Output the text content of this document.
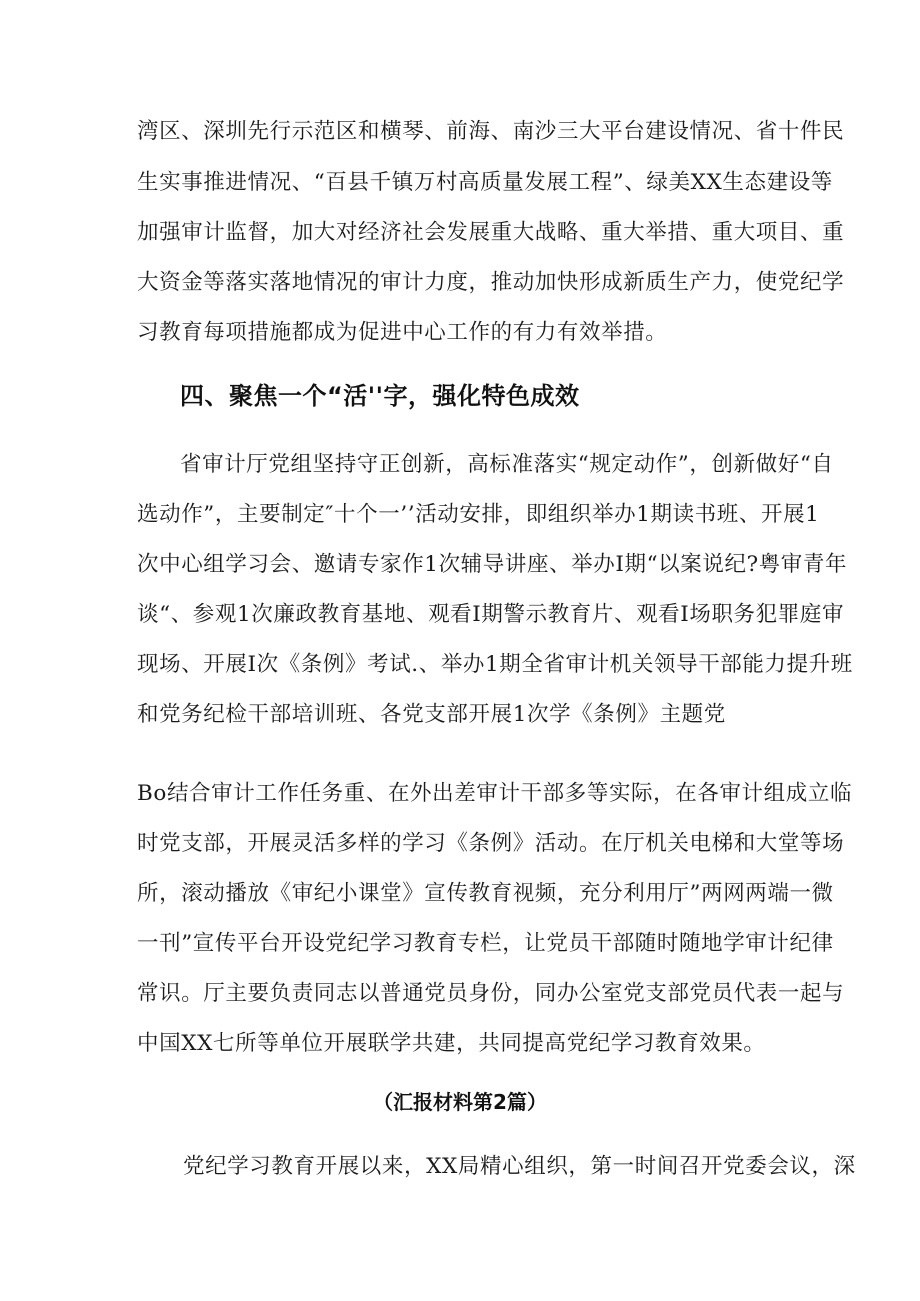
湾区、深圳先行示范区和横琴、前海、南沙三大平台建设情况、省十件民
生实事推进情况、“百县千镇万村高质量发展工程”、绿美XX生态建设等
加强审计监督，加大对经济社会发展重大战略、重大举措、重大项目、重
大资金等落实落地情况的审计力度，推动加快形成新质生产力，使党纪学
习教育每项措施都成为促进中心工作的有力有效举措。
四、聚焦一个“活''字，强化特色成效
省审计厅党组坚持守正创新，高标准落实“规定动作”，创新做好“自
选动作”，主要制定″十个一’’活动安排，即组织举办1期读书班、开展1
次中心组学习会、邀请专家作1次辅导讲座、举办I期“以案说纪?粤审青年
谈“、参观1次廉政教育基地、观看I期警示教育片、观看I场职务犯罪庭审
现场、开展I次《条例》考试.、举办1期全省审计机关领导干部能力提升班
和党务纪检干部培训班、各党支部开展1次学《条例》主题党
Bo结合审计工作任务重、在外出差审计干部多等实际，在各审计组成立临
时党支部，开展灵活多样的学习《条例》活动。在厅机关电梯和大堂等场
所，滚动播放《审纪小课堂》宣传教育视频，充分利用厅”两网两端一微
一刊”宣传平台开设党纪学习教育专栏，让党员干部随时随地学审计纪律
常识。厅主要负责同志以普通党员身份，同办公室党支部党员代表一起与
中国XX七所等单位开展联学共建，共同提高党纪学习教育效果。
（汇报材料第2篇）
党纪学习教育开展以来，XX局精心组织，第一时间召开党委会议，深
